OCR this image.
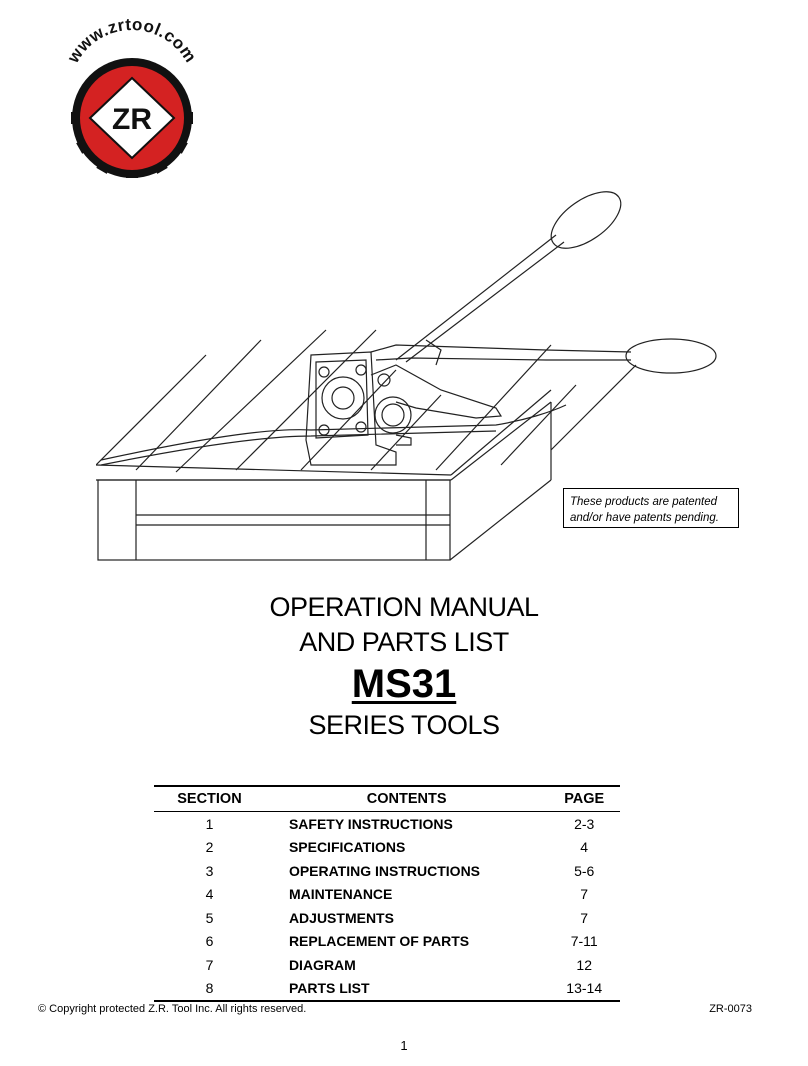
www.zrtool.com
ZR
These products are patented
and/or have patents pending.
OPERATION MANUAL
AND PARTS LIST
MS31
SERIES TOOLS
SECTION	CONTENTS	PAGE
1	SAFETY INSTRUCTIONS	2-3
2	SPECIFICATIONS	4
3	OPERATING INSTRUCTIONS	5-6
4	MAINTENANCE	7
5	ADJUSTMENTS	7
6	REPLACEMENT OF PARTS	7-11
7	DIAGRAM	12
8	PARTS LIST	13-14
© Copyright protected Z.R. Tool Inc. All rights reserved.	ZR-0073
1
